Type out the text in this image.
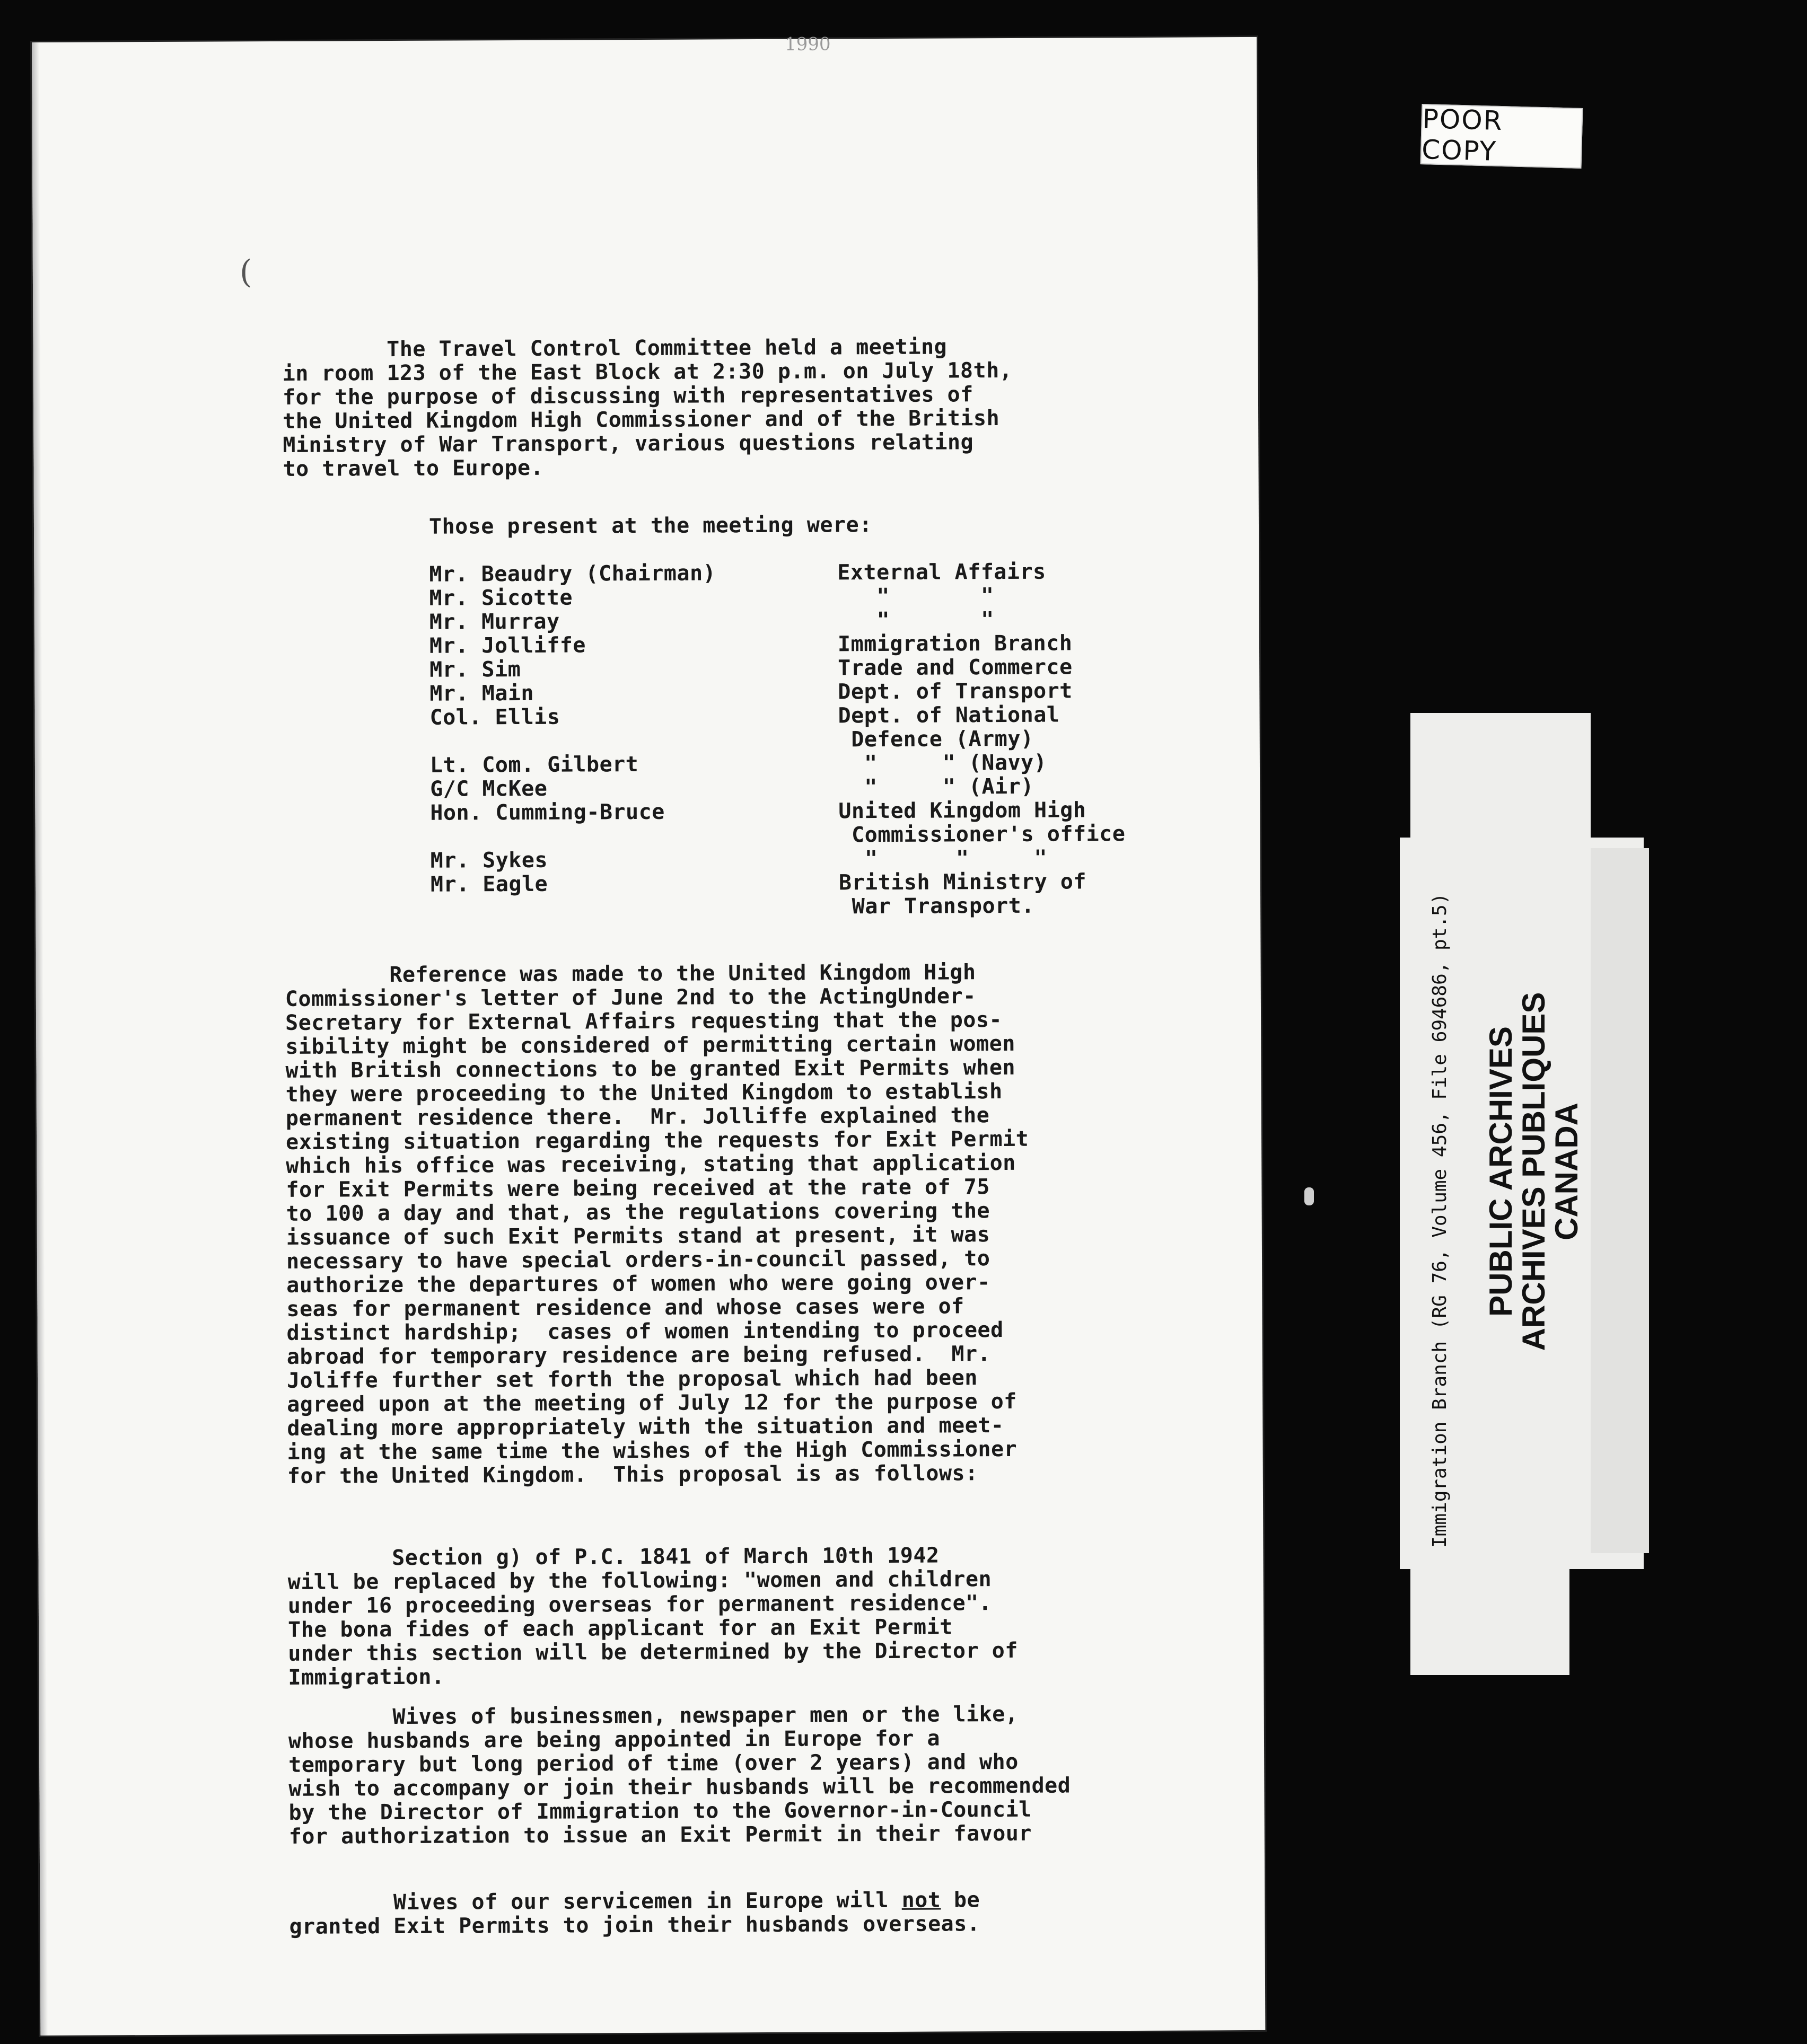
1990
(

The Travel Control Committee held a meeting
in room 123 of the East Block at 2:30 p.m. on July 18th,
for the purpose of discussing with representatives of
the United Kingdom High Commissioner and of the British
Ministry of War Transport, various questions relating
to travel to Europe.

Those present at the meeting were:

Mr. Beaudry (Chairman)	External Affairs
Mr. Sicotte	"       "
Mr. Murray	"       "
Mr. Jolliffe	Immigration Branch
Mr. Sim	Trade and Commerce
Mr. Main	Dept. of Transport
Col. Ellis	Dept. of National
Defence (Army)
Lt. Com. Gilbert	"     " (Navy)
G/C McKee	"     " (Air)
Hon. Cumming-Bruce	United Kingdom High
Commissioner's office
Mr. Sykes	"      "     "
Mr. Eagle	British Ministry of
War Transport.

Reference was made to the United Kingdom High
Commissioner's letter of June 2nd to the ActingUnder-
Secretary for External Affairs requesting that the pos-
sibility might be considered of permitting certain women
with British connections to be granted Exit Permits when
they were proceeding to the United Kingdom to establish
permanent residence there.  Mr. Jolliffe explained the
existing situation regarding the requests for Exit Permit
which his office was receiving, stating that application
for Exit Permits were being received at the rate of 75
to 100 a day and that, as the regulations covering the
issuance of such Exit Permits stand at present, it was
necessary to have special orders-in-council passed, to
authorize the departures of women who were going over-
seas for permanent residence and whose cases were of
distinct hardship;  cases of women intending to proceed
abroad for temporary residence are being refused.  Mr.
Joliffe further set forth the proposal which had been
agreed upon at the meeting of July 12 for the purpose of
dealing more appropriately with the situation and meet-
ing at the same time the wishes of the High Commissioner
for the United Kingdom.  This proposal is as follows:

Section g) of P.C. 1841 of March 10th 1942
will be replaced by the following: "women and children
under 16 proceeding overseas for permanent residence".
The bona fides of each applicant for an Exit Permit
under this section will be determined by the Director of
Immigration.

Wives of businessmen, newspaper men or the like,
whose husbands are being appointed in Europe for a
temporary but long period of time (over 2 years) and who
wish to accompany or join their husbands will be recommended
by the Director of Immigration to the Governor-in-Council
for authorization to issue an Exit Permit in their favour

Wives of our servicemen in Europe will not be
granted Exit Permits to join their husbands overseas.

POOR COPY
Immigration Branch (RG 76, Volume 456, File 694686, pt.5) PUBLIC ARCHIVES
ARCHIVES PUBLIQUES
CANADA
